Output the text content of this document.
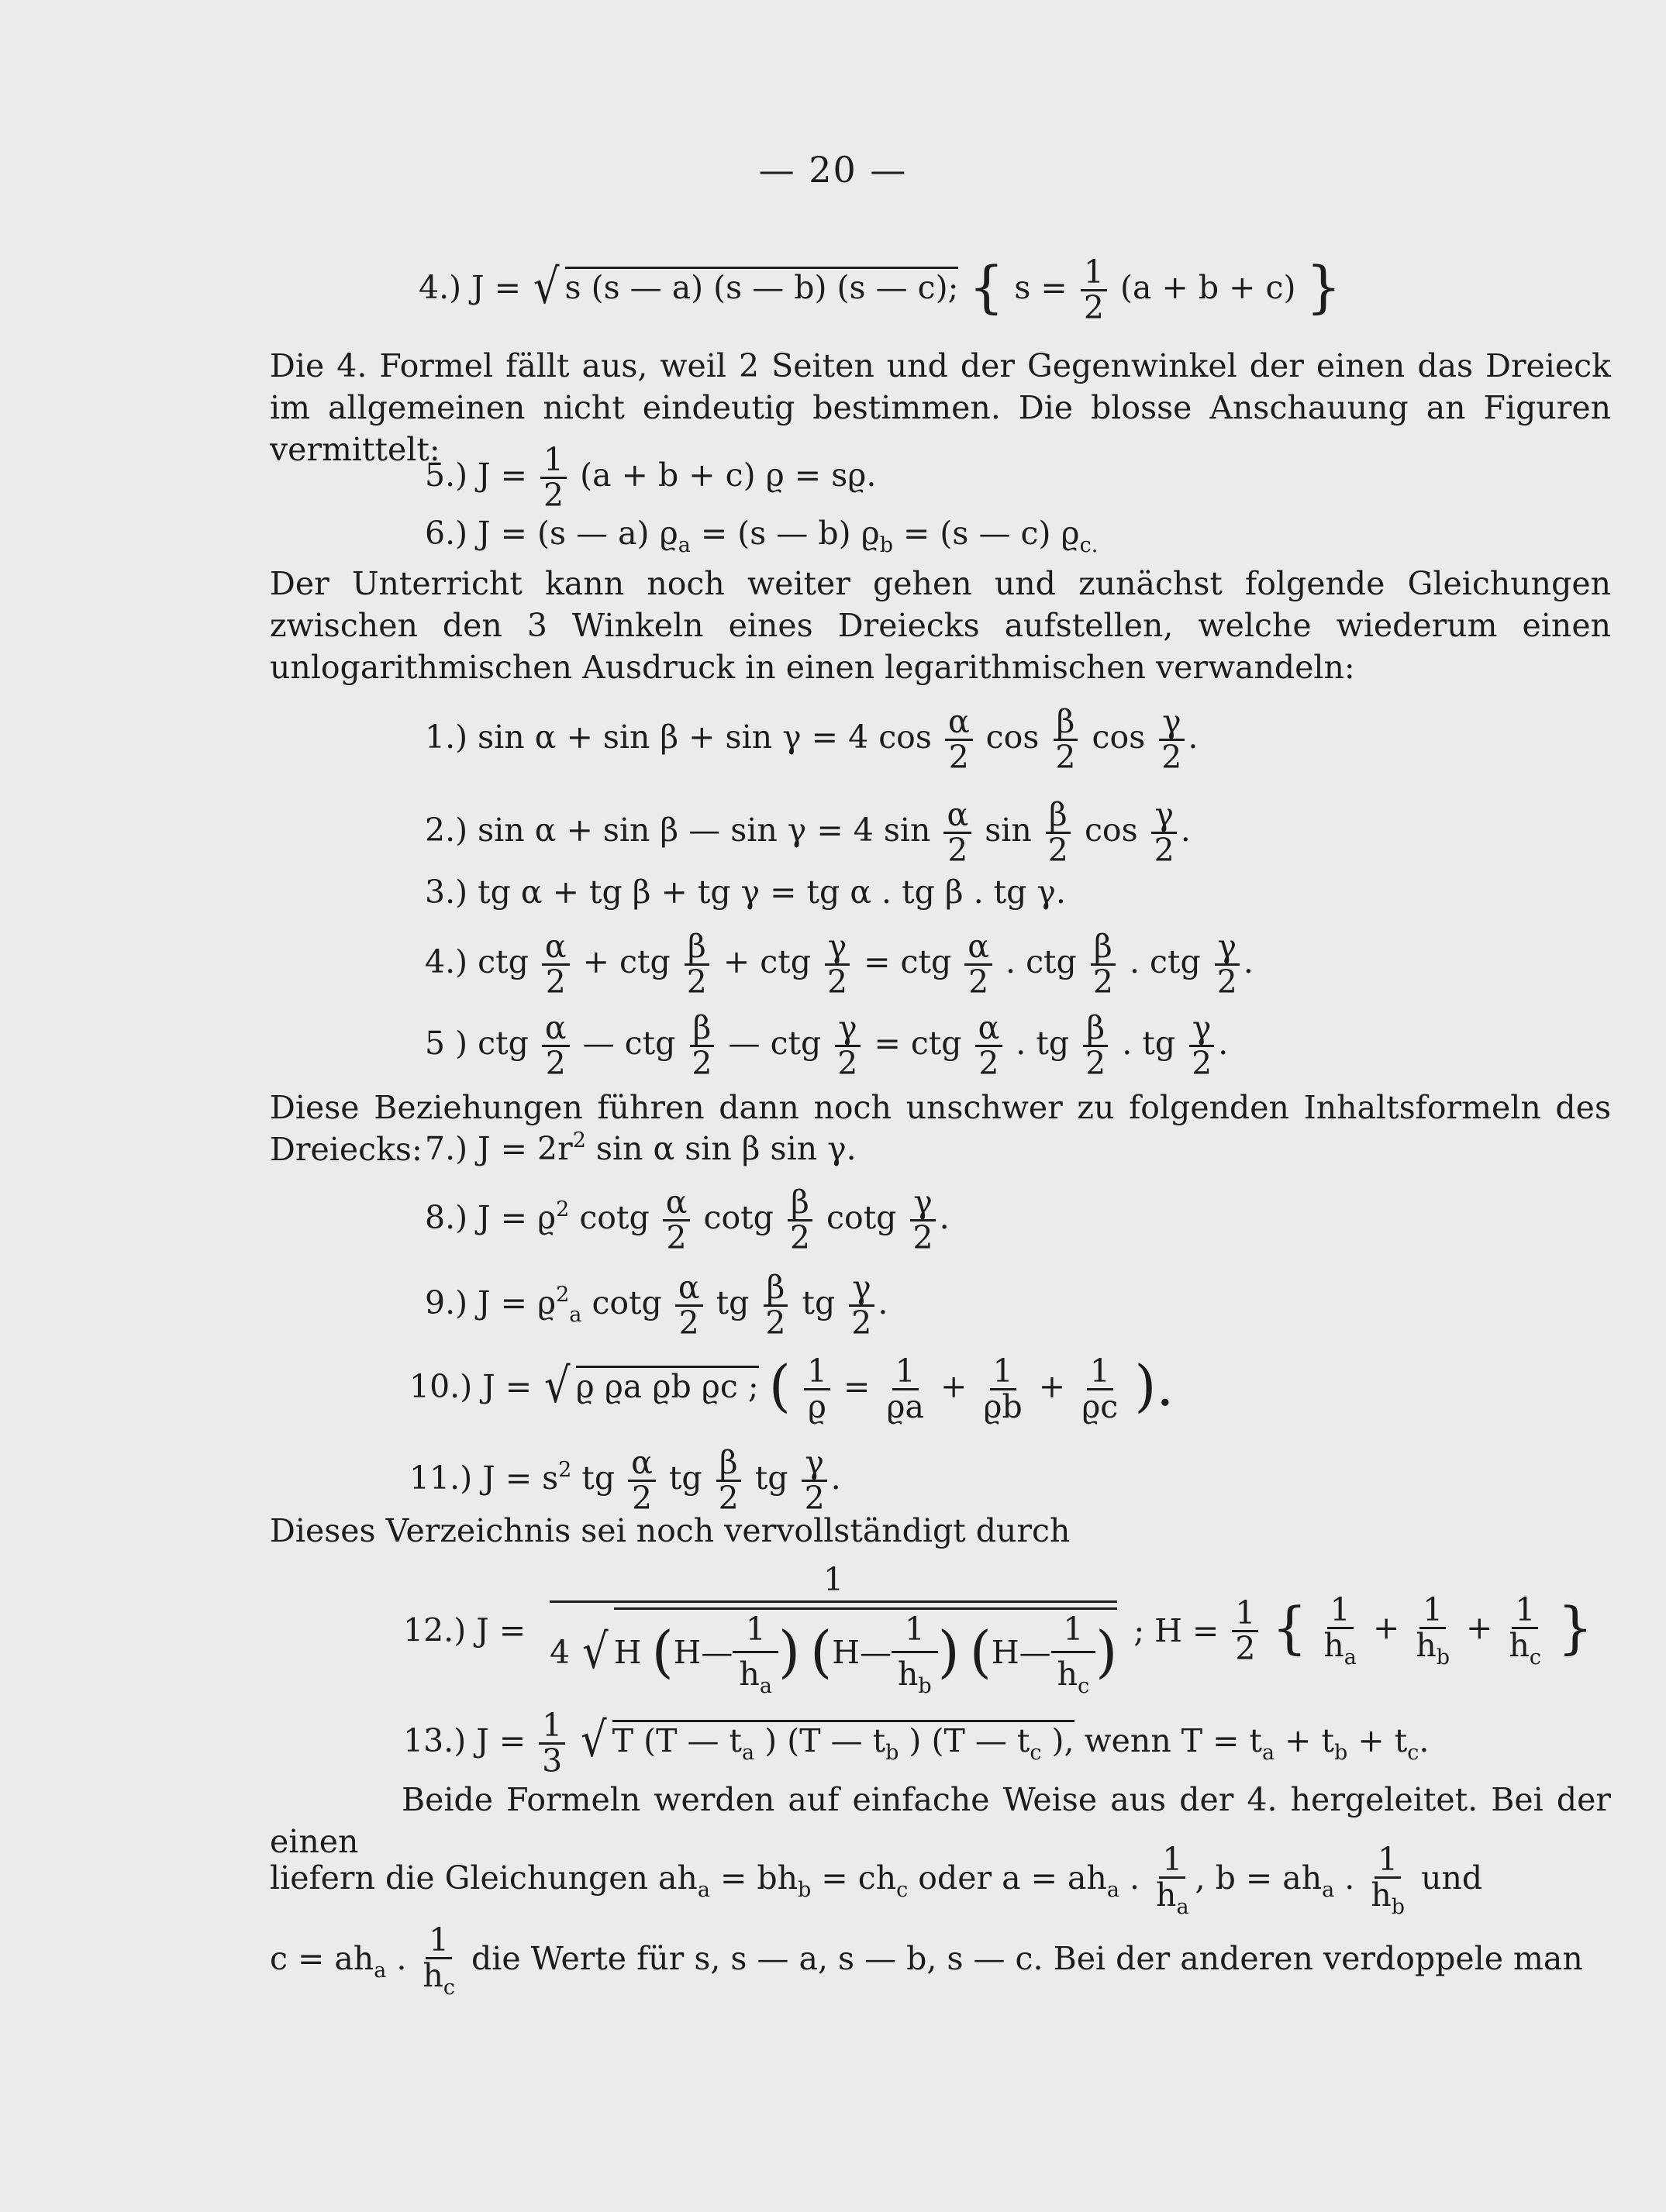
— 20 —
4.) J = √ s (s — a) (s — b) (s — c); { $s = \frac{1}{2} (a + b + c)$ }
Die 4. Formel fällt aus, weil 2 Seiten und der Gegenwinkel der einen das Dreieck im allgemeinen nicht eindeutig bestimmen. Die blosse Anschauung an Figuren vermittelt:
5.) $J = \frac{1}{2} (a + b + c) ϱ = sϱ$.
6.) J = (s — a) $ϱ_a = (s$ — b) $ϱ_b = (s$ — c) $ϱ_{c.}$
Der Unterricht kann noch weiter gehen und zunächst folgende Gleichungen zwischen den 3 Winkeln eines Dreiecks aufstellen, welche wiederum einen unlogarithmischen Ausdruck in einen legarithmischen verwandeln:
1.) sin α + sin β + sin γ = 4 $\cos \frac{\alpha}{2}$ $\cos \frac{\beta}{2}$ $\cos \frac{\gamma}{2}$ .
2.) sin α + sin β — sin γ = 4 $\sin \frac{\alpha}{2}$ $\sin \frac{\beta}{2}$ $\cos \frac{\gamma}{2}$ .
3.) tg α + tg β + tg γ = tg α . tg β . tg γ.
4.) ctg $\frac{\alpha}{2}$ + ctg $\frac{\beta}{2}$ + ctg $\frac{\gamma}{2}$ = ctg $\frac{\alpha}{2}$ . ctg $\frac{\beta}{2}$ . ctg $\frac{\gamma}{2}$ .
5 ) ctg $\frac{\alpha}{2}$ — ctg $\frac{\beta}{2}$ — ctg $\frac{\gamma}{2}$ = ctg $\frac{\alpha}{2}$ . tg $\frac{\beta}{2}$ . tg $\frac{\gamma}{2}$ .
Diese Beziehungen führen dann noch unschwer zu folgenden Inhaltsformeln des Dreiecks: 7.) $J = 2r^2$ sin α sin β sin γ.
8.) $J = ϱ^2$ cotg $\frac{\alpha}{2}$ cotg $\frac{\beta}{2}$ cotg $\frac{\gamma}{2}$ .
9.) $J = ϱ^2_a$ cotg $\frac{\alpha}{2}$ tg $\frac{\beta}{2}$ tg $\frac{\gamma}{2}$ .
10.) J = √ ϱ ϱa ϱb ϱc ; ( $\frac{1}{ϱ} = \frac{1}{ϱa} + \frac{1}{ϱb} + \frac{1}{ϱc}$ ).
11.) $J = s^2$ tg $\frac{\alpha}{2}$ tg $\frac{\beta}{2}$ tg $\frac{\gamma}{2}$ .
Dieses Verzeichnis sei noch vervollständigt durch
12.) J =
1
4 √ H (H— $\frac{1}{h_a}$ ) (H— $\frac{1}{h_b}$ ) (H— $\frac{1}{h_c}$ ) ; $H = \frac{1}{2}$ { $\frac{1}{h_a} + \frac{1}{h_b} + \frac{1}{h_c}$ }
13.) $J = \frac{1}{3}$ √ T (T — $t_a$ ) (T — $t_b$ ) (T — $t_c$ ), wenn $T = t_a + t_b + t_c$.
Beide Formeln werden auf einfache Weise aus der 4. hergeleitet. Bei der einen
liefern die Gleichungen $ah_a = bh_b = ch_c$ oder $a = ah_a$ . $\frac{1}{h_a}$ , $b = ah_a$ . $\frac{1}{h_b}$ und
$c = ah_a$ . $\frac{1}{h_c}$ die Werte für s, s — a, s — b, s — c. Bei der anderen verdoppele man
